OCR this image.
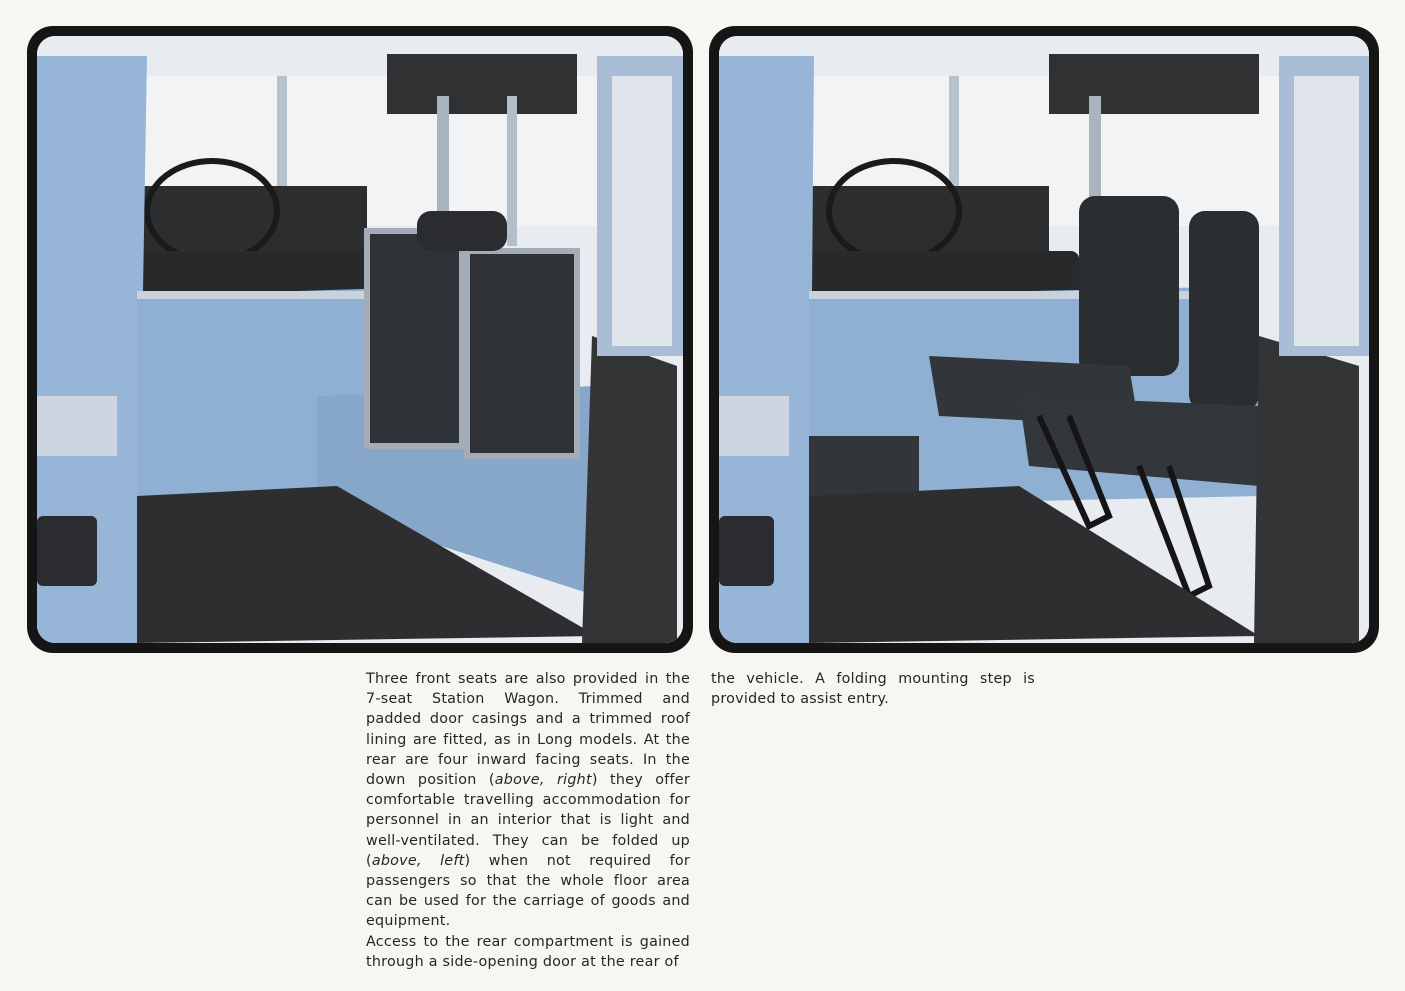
Three front seats are also provided in the 7-seat Station Wagon. Trimmed and padded door casings and a trimmed roof lining are fitted, as in Long models. At the rear are four inward facing seats. In the down position (above, right) they offer comfortable travelling accommodation for personnel in an interior that is light and well-ventilated. They can be folded up (above, left) when not required for passengers so that the whole floor area can be used for the carriage of goods and equipment.

Access to the rear compartment is gained through a side-opening door at the rear of

the vehicle. A folding mounting step is provided to assist entry.
